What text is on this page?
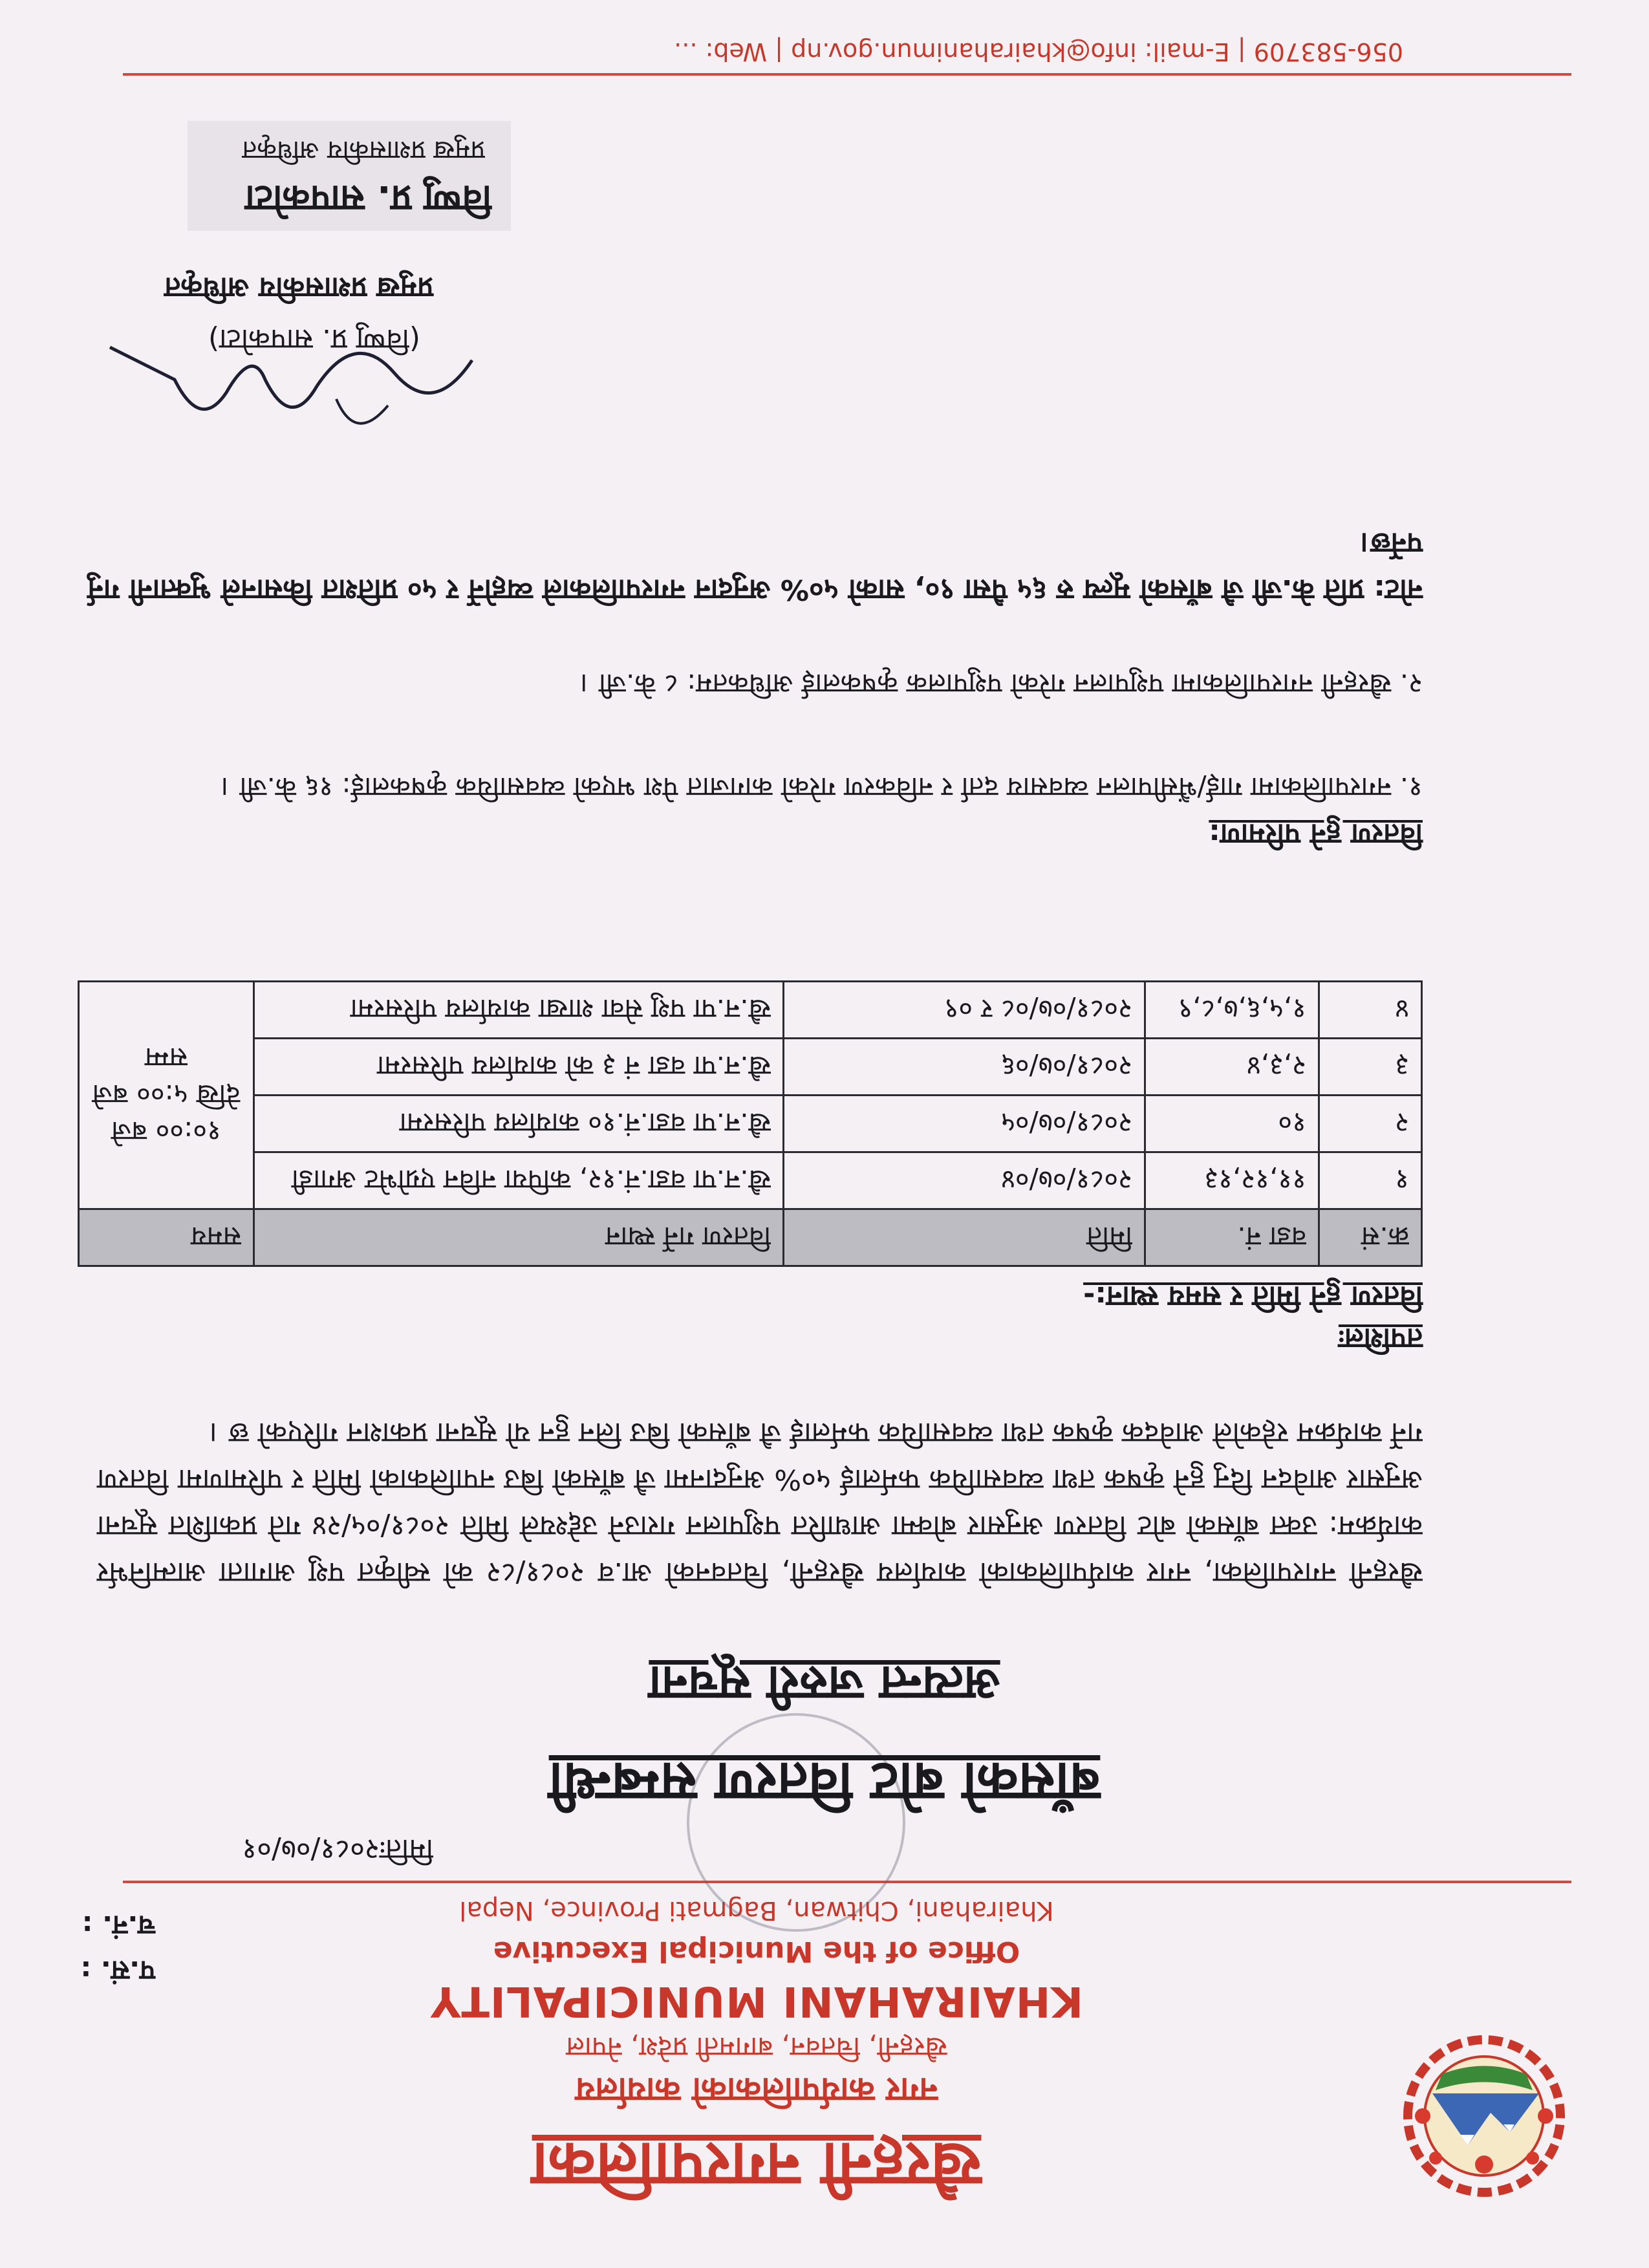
खैरहनी नगरपालिका
नगर कार्यपालिकाको कार्यालय
खैरहनी, चितवन, बागमती प्रदेश, नेपाल
KHAIRAHANI MUNICIPALITY
Office of the Municipal Executive
Khairahani, Chitwan, Bagmati Province, Nepal
प.सं. :
च.नं. :
मितिः२०८१/०७/०१
बाँसको बोट वितरण सम्बन्धी
अत्यन्त जरुरी सूचना
खैरहनी नगरपालिका, नगर कार्यपालिकाको कार्यालय खैरहनी, चितवनको आ.व २०८१/८२ को स्वीकृत पशु आगाता आत्मनिर्भर कार्यक्रम: उक्त बाँसको बोट वितरण अनुसार बोक्मा आधारित पशुपालन गराउने उद्देश्यले मिति २०८१/०५/२४ गते प्रकाशित सूचना अनुसार आवेदन दिनु हुने कृषक तथा व्यवसायिक फर्मलाई ५०% अनुदानमा जै बाँसको बिउ नपालिकाको मिति र परिमाणमा वितरण गर्ने कार्यक्रम रहेकोले आवेदक कृषक तथा व्यवसायिक फर्मलाई जै बाँसको बिउ लिन हुन यो सूचना प्रकाशन गरिएको छ ।
तपशिलः
वितरण हुने मिति र समय स्थान:-
क्र.सं	वडा नं.	मिति	वितरण गर्ने स्थान	समय
१	११,१२,१३	२०८१/०७/०४	खै.न.पा वडा.नं.१२, कपिया नविन एग्रोभेट अगाडी	१०:०० बजे देखि ५:०० बजे सम्म
२	१०	२०८१/०७/०५	खै.न.पा वडा.नं.१० कार्यालय परिसरमा	
३	२,३,४	२०८१/०७/०६	खै.न.पा वडा नं ३ को कार्यालय परिसरमा	
४	१,५,६,७,८,९	२०८१/०७/०८ र ०९	खै.न.पा पशु सेवा शाखा कार्यालय परिसरमा	
वितरण हुने परिमाण:
१. नगरपालिकामा गाई/भैंसीपालन व्यवसाय दर्ता र नविकरण गरेको कागजात पेश भएको व्यवसायिक कृषकलाई: १६ के.जी ।
२. खैरहनी नगरपालिकामा पशुपालन गरेको पशुपालक कृषकलाई अधिकतम: ८ के.जी ।
नोट: प्रति के.जी जै बाँसको मूल्य रु ६५ पैसा ९०, साको ५०% अनुदान नगरपालिकाले व्यहोर्ने र ५० प्रतिशत किसानले भुक्तानी गर्नु पर्नेछ।
(विष्णु प्र. सापकोटा)
प्रमुख प्रशासकीय अधिकृत
विष्णु प्र. सापकोटा
प्रमुख प्रशासकीय अधिकृत
056-583709 | E-mail: info@khairahanimun.gov.np | Web: ...
